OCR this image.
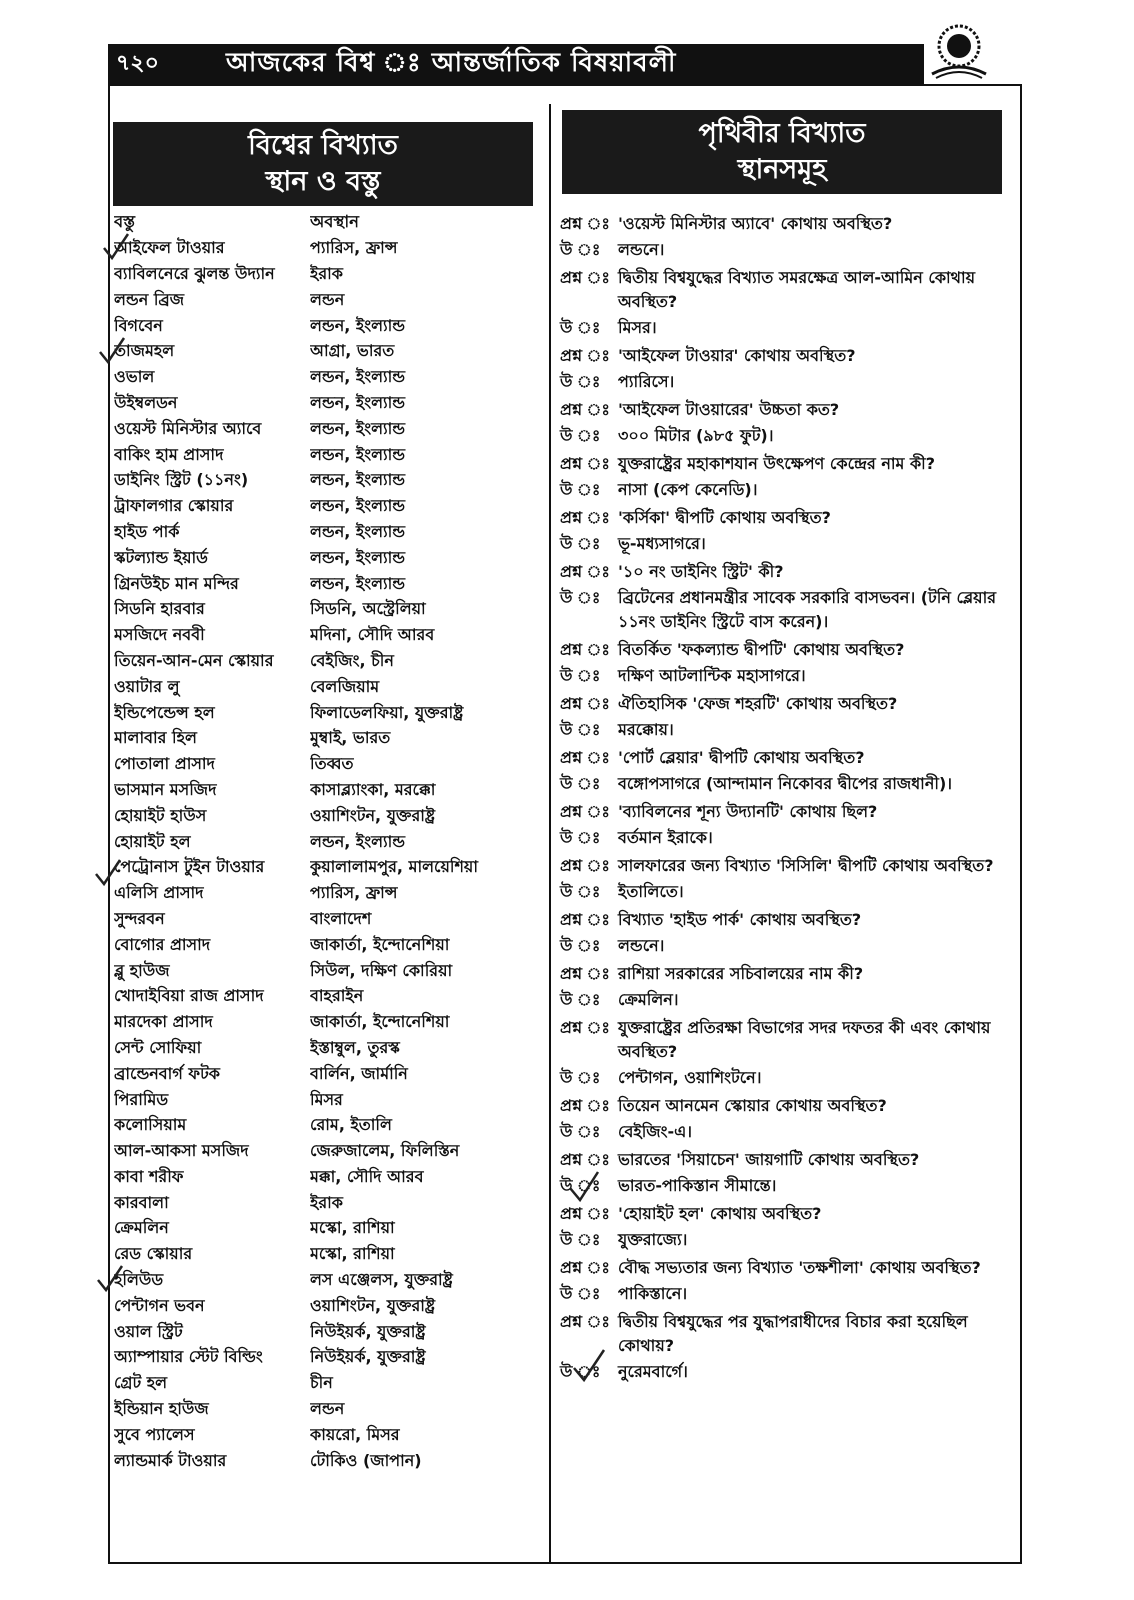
৭২০	আজকের বিশ্ব ঃ আন্তর্জাতিক বিষয়াবলী
বিশ্বের বিখ্যাত
স্থান ও বস্তু
পৃথিবীর বিখ্যাত
স্থানসমূহ
বস্তু	অবস্থান
আইফেল টাওয়ার	প্যারিস, ফ্রান্স
ব্যাবিলনেরে ঝুলন্ত উদ্যান	ইরাক
লন্ডন ব্রিজ	লন্ডন
বিগবেন	লন্ডন, ইংল্যান্ড
তাজমহল	আগ্রা, ভারত
ওভাল	লন্ডন, ইংল্যান্ড
উইম্বলডন	লন্ডন, ইংল্যান্ড
ওয়েস্ট মিনিস্টার অ্যাবে	লন্ডন, ইংল্যান্ড
বাকিং হাম প্রাসাদ	লন্ডন, ইংল্যান্ড
ডাইনিং স্ট্রিট (১১নং)	লন্ডন, ইংল্যান্ড
ট্রাফালগার স্কোয়ার	লন্ডন, ইংল্যান্ড
হাইড পার্ক	লন্ডন, ইংল্যান্ড
স্কটল্যান্ড ইয়ার্ড	লন্ডন, ইংল্যান্ড
গ্রিনউইচ মান মন্দির	লন্ডন, ইংল্যান্ড
সিডনি হারবার	সিডনি, অস্ট্রেলিয়া
মসজিদে নববী	মদিনা, সৌদি আরব
তিয়েন-আন-মেন স্কোয়ার	বেইজিং, চীন
ওয়াটার লু	বেলজিয়াম
ইন্ডিপেন্ডেন্স হল	ফিলাডেলফিয়া, যুক্তরাষ্ট্র
মালাবার হিল	মুম্বাই, ভারত
পোতালা প্রাসাদ	তিব্বত
ভাসমান মসজিদ	কাসাব্ল্যাংকা, মরক্কো
হোয়াইট হাউস	ওয়াশিংটন, যুক্তরাষ্ট্র
হোয়াইট হল	লন্ডন, ইংল্যান্ড
পেট্রোনাস টুইন টাওয়ার	কুয়ালালামপুর, মালয়েশিয়া
এলিসি প্রাসাদ	প্যারিস, ফ্রান্স
সুন্দরবন	বাংলাদেশ
বোগোর প্রাসাদ	জাকার্তা, ইন্দোনেশিয়া
ব্লু হাউজ	সিউল, দক্ষিণ কোরিয়া
খোদাইবিয়া রাজ প্রাসাদ	বাহরাইন
মারদেকা প্রাসাদ	জাকার্তা, ইন্দোনেশিয়া
সেন্ট সোফিয়া	ইস্তাম্বুল, তুরস্ক
ব্রান্ডেনবার্গ ফটক	বার্লিন, জার্মানি
পিরামিড	মিসর
কলোসিয়াম	রোম, ইতালি
আল-আকসা মসজিদ	জেরুজালেম, ফিলিস্তিন
কাবা শরীফ	মক্কা, সৌদি আরব
কারবালা	ইরাক
ক্রেমলিন	মস্কো, রাশিয়া
রেড স্কোয়ার	মস্কো, রাশিয়া
হলিউড	লস এঞ্জেলস, যুক্তরাষ্ট্র
পেন্টাগন ভবন	ওয়াশিংটন, যুক্তরাষ্ট্র
ওয়াল স্ট্রিট	নিউইয়র্ক, যুক্তরাষ্ট্র
অ্যাম্পায়ার স্টেট বিল্ডিং	নিউইয়র্ক, যুক্তরাষ্ট্র
গ্রেট হল	চীন
ইন্ডিয়ান হাউজ	লন্ডন
সুবে প্যালেস	কায়রো, মিসর
ল্যান্ডমার্ক টাওয়ার	টোকিও (জাপান)
প্রশ্ন ঃ 'ওয়েস্ট মিনিস্টার অ্যাবে' কোথায় অবস্থিত?
উ ঃ	লন্ডনে।
প্রশ্ন ঃ দ্বিতীয় বিশ্বযুদ্ধের বিখ্যাত সমরক্ষেত্র আল-আমিন কোথায় অবস্থিত?
উ ঃ	মিসর।
প্রশ্ন ঃ 'আইফেল টাওয়ার' কোথায় অবস্থিত?
উ ঃ	প্যারিসে।
প্রশ্ন ঃ 'আইফেল টাওয়ারের' উচ্চতা কত?
উ ঃ	৩০০ মিটার (৯৮৫ ফুট)।
প্রশ্ন ঃ যুক্তরাষ্ট্রের মহাকাশযান উৎক্ষেপণ কেন্দ্রের নাম কী?
উ ঃ	নাসা (কেপ কেনেডি)।
প্রশ্ন ঃ 'কর্সিকা' দ্বীপটি কোথায় অবস্থিত?
উ ঃ	ভূ-মধ্যসাগরে।
প্রশ্ন ঃ '১০ নং ডাইনিং স্ট্রিট' কী?
উ ঃ	ব্রিটেনের প্রধানমন্ত্রীর সাবেক সরকারি বাসভবন। (টনি ব্লেয়ার ১১নং ডাইনিং স্ট্রিটে বাস করেন)।
প্রশ্ন ঃ বিতর্কিত 'ফকল্যান্ড দ্বীপটি' কোথায় অবস্থিত?
উ ঃ	দক্ষিণ আটলান্টিক মহাসাগরে।
প্রশ্ন ঃ ঐতিহাসিক 'ফেজ শহরটি' কোথায় অবস্থিত?
উ ঃ	মরক্কোয়।
প্রশ্ন ঃ 'পোর্ট ব্লেয়ার' দ্বীপটি কোথায় অবস্থিত?
উ ঃ	বঙ্গোপসাগরে (আন্দামান নিকোবর দ্বীপের রাজধানী)।
প্রশ্ন ঃ 'ব্যাবিলনের শূন্য উদ্যানটি' কোথায় ছিল?
উ ঃ	বর্তমান ইরাকে।
প্রশ্ন ঃ সালফারের জন্য বিখ্যাত 'সিসিলি' দ্বীপটি কোথায় অবস্থিত?
উ ঃ	ইতালিতে।
প্রশ্ন ঃ বিখ্যাত 'হাইড পার্ক' কোথায় অবস্থিত?
উ ঃ	লন্ডনে।
প্রশ্ন ঃ রাশিয়া সরকারের সচিবালয়ের নাম কী?
উ ঃ	ক্রেমলিন।
প্রশ্ন ঃ যুক্তরাষ্ট্রের প্রতিরক্ষা বিভাগের সদর দফতর কী এবং কোথায় অবস্থিত?
উ ঃ	পেন্টাগন, ওয়াশিংটনে।
প্রশ্ন ঃ তিয়েন আনমেন স্কোয়ার কোথায় অবস্থিত?
উ ঃ	বেইজিং-এ।
প্রশ্ন ঃ ভারতের 'সিয়াচেন' জায়গাটি কোথায় অবস্থিত?
উ ঃ	ভারত-পাকিস্তান সীমান্তে।
প্রশ্ন ঃ 'হোয়াইট হল' কোথায় অবস্থিত?
উ ঃ	যুক্তরাজ্যে।
প্রশ্ন ঃ বৌদ্ধ সভ্যতার জন্য বিখ্যাত 'তক্ষশীলা' কোথায় অবস্থিত?
উ ঃ	পাকিস্তানে।
প্রশ্ন ঃ দ্বিতীয় বিশ্বযুদ্ধের পর যুদ্ধাপরাধীদের বিচার করা হয়েছিল কোথায়?
উ ঃ	নুরেমবার্গে।
